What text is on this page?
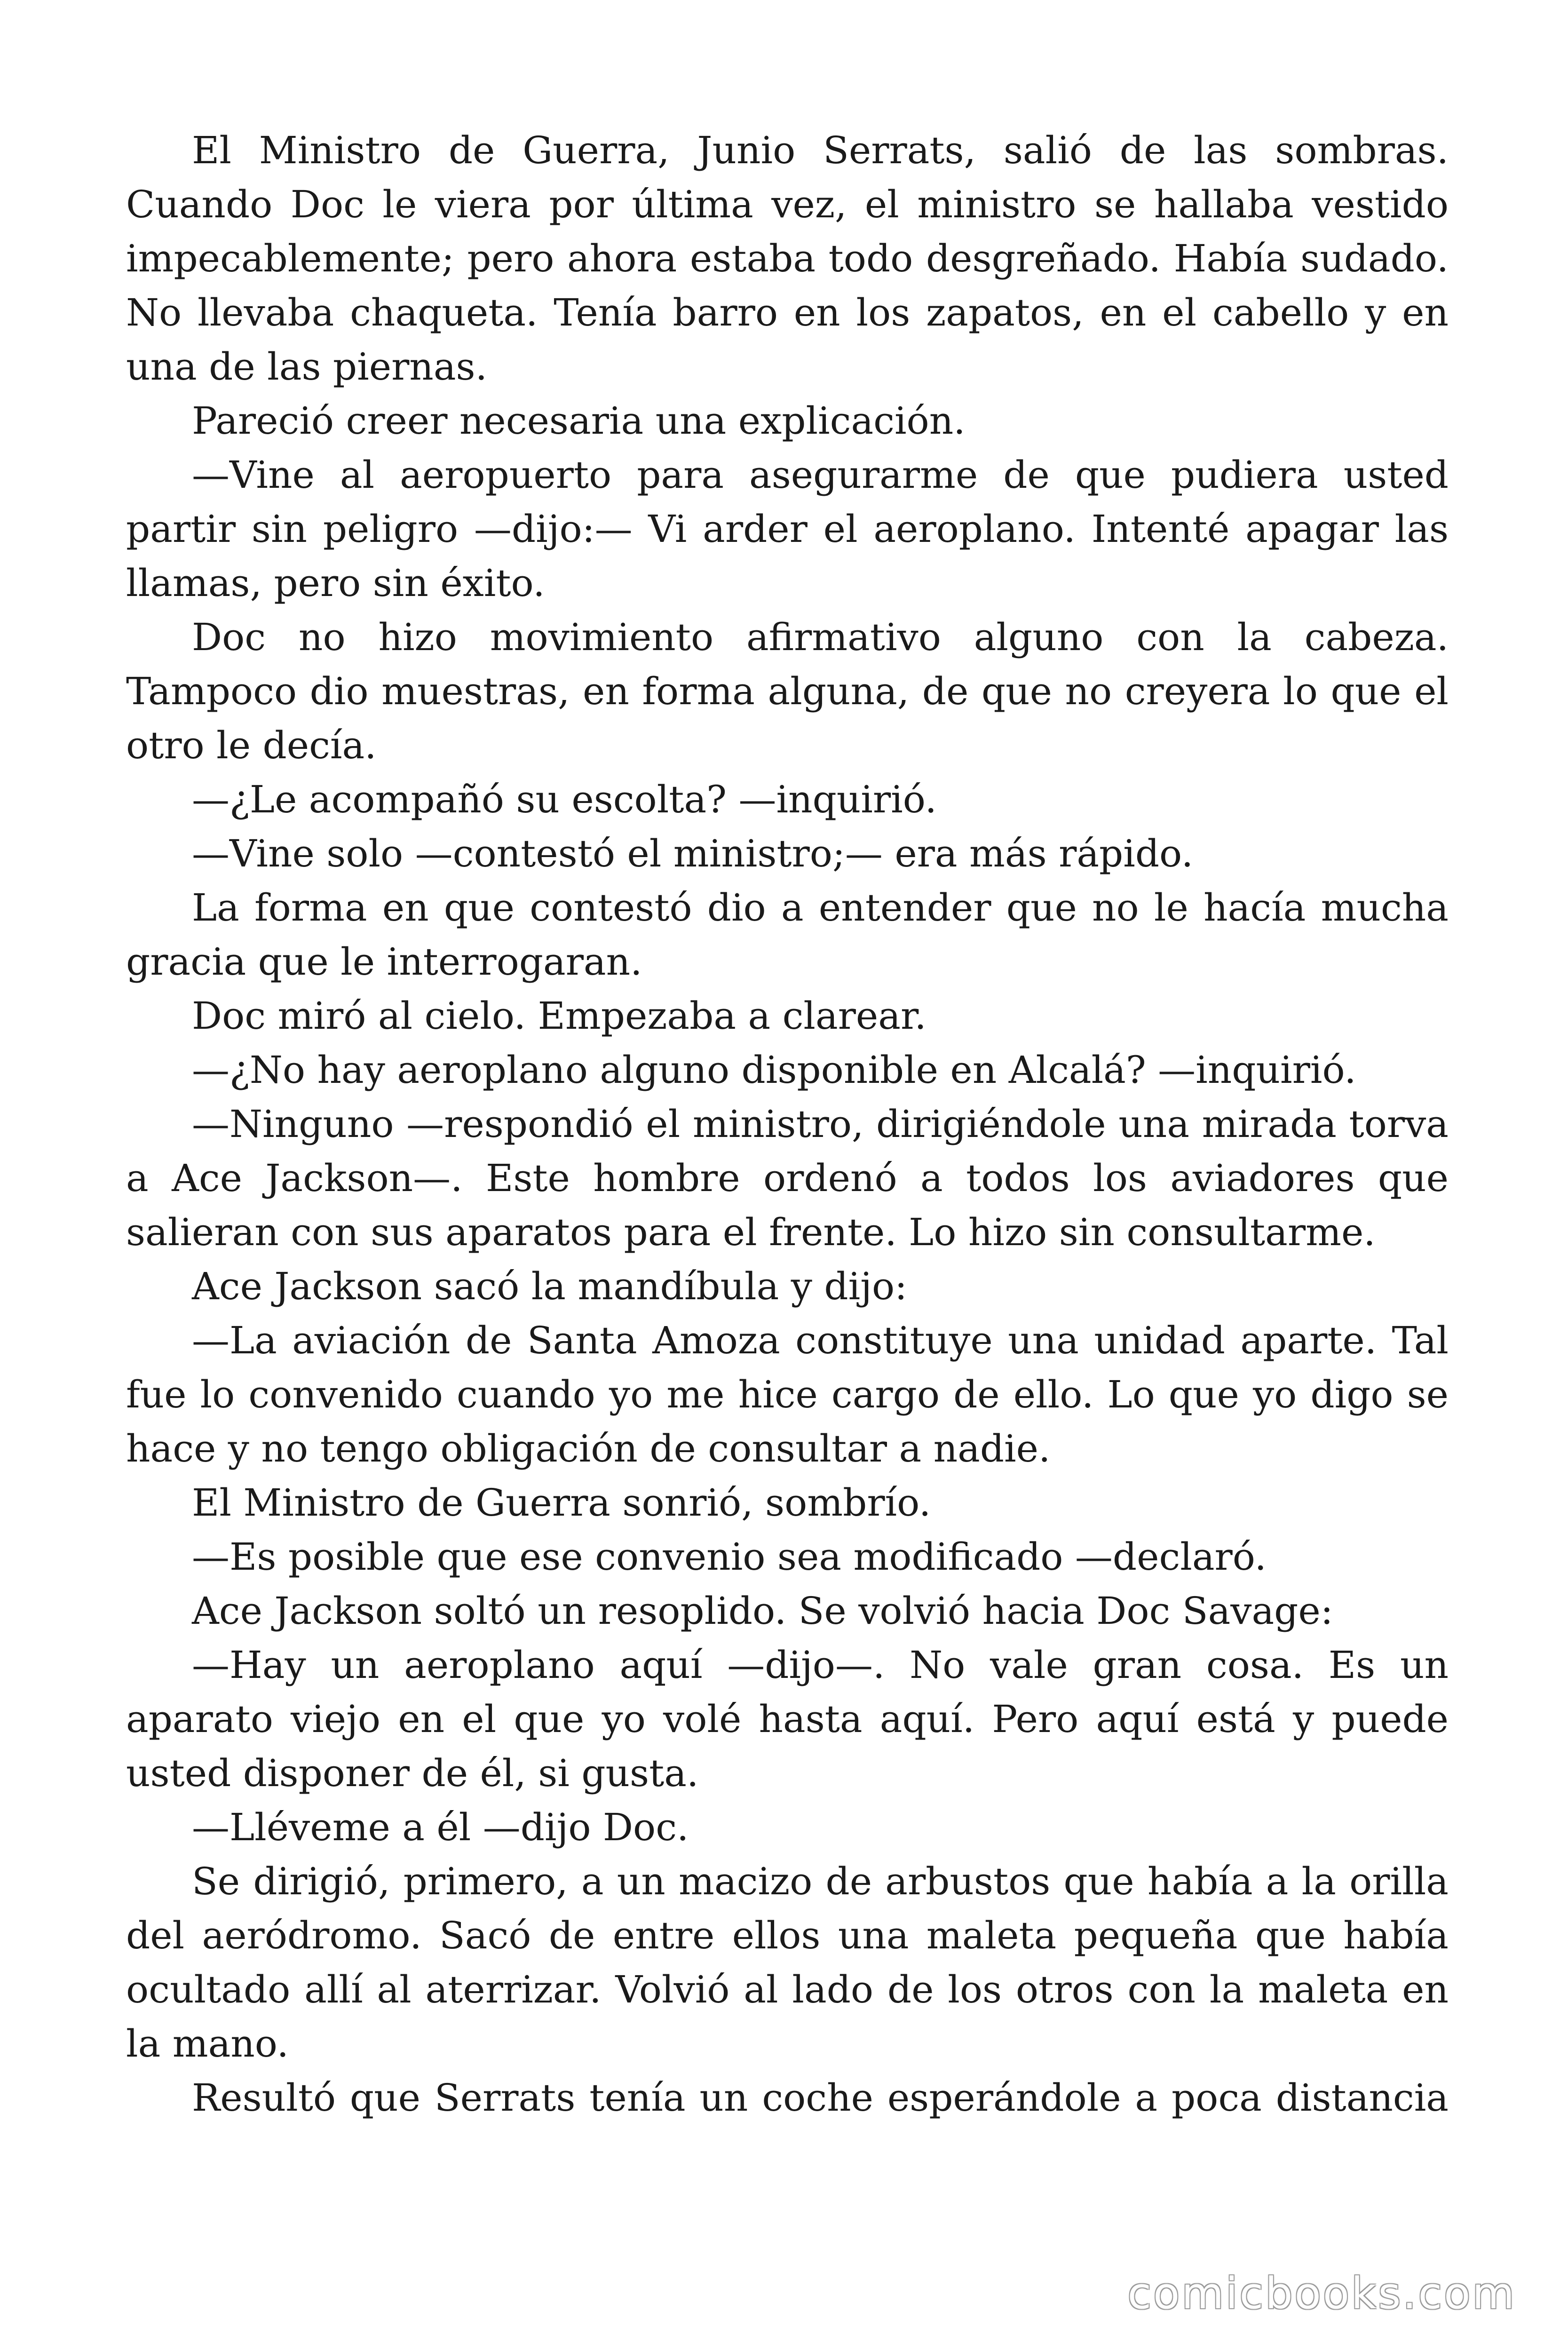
El Ministro de Guerra, Junio Serrats, salió de las sombras. Cuando Doc le viera por última vez, el ministro se hallaba vestido impecablemente; pero ahora estaba todo desgreñado. Había sudado. No llevaba chaqueta. Tenía barro en los zapatos, en el cabello y en una de las piernas.

Pareció creer necesaria una explicación.

—Vine al aeropuerto para asegurarme de que pudiera usted partir sin peligro —dijo:— Vi arder el aeroplano. Intenté apagar las llamas, pero sin éxito.

Doc no hizo movimiento afirmativo alguno con la cabeza. Tampoco dio muestras, en forma alguna, de que no creyera lo que el otro le decía.

—¿Le acompañó su escolta? —inquirió.

—Vine solo —contestó el ministro;— era más rápido.

La forma en que contestó dio a entender que no le hacía mucha gracia que le interrogaran.

Doc miró al cielo. Empezaba a clarear.

—¿No hay aeroplano alguno disponible en Alcalá? —inquirió.

—Ninguno —respondió el ministro, dirigiéndole una mirada torva a Ace Jackson—. Este hombre ordenó a todos los aviadores que salieran con sus aparatos para el frente. Lo hizo sin consultarme.

Ace Jackson sacó la mandíbula y dijo:

—La aviación de Santa Amoza constituye una unidad aparte. Tal fue lo convenido cuando yo me hice cargo de ello. Lo que yo digo se hace y no tengo obligación de consultar a nadie.

El Ministro de Guerra sonrió, sombrío.

—Es posible que ese convenio sea modificado —declaró.

Ace Jackson soltó un resoplido. Se volvió hacia Doc Savage:

—Hay un aeroplano aquí —dijo—. No vale gran cosa. Es un aparato viejo en el que yo volé hasta aquí. Pero aquí está y puede usted disponer de él, si gusta.

—Lléveme a él —dijo Doc.

Se dirigió, primero, a un macizo de arbustos que había a la orilla del aeródromo. Sacó de entre ellos una maleta pequeña que había ocultado allí al aterrizar. Volvió al lado de los otros con la maleta en la mano.

Resultó que Serrats tenía un coche esperándole a poca distancia

comicbooks.com
